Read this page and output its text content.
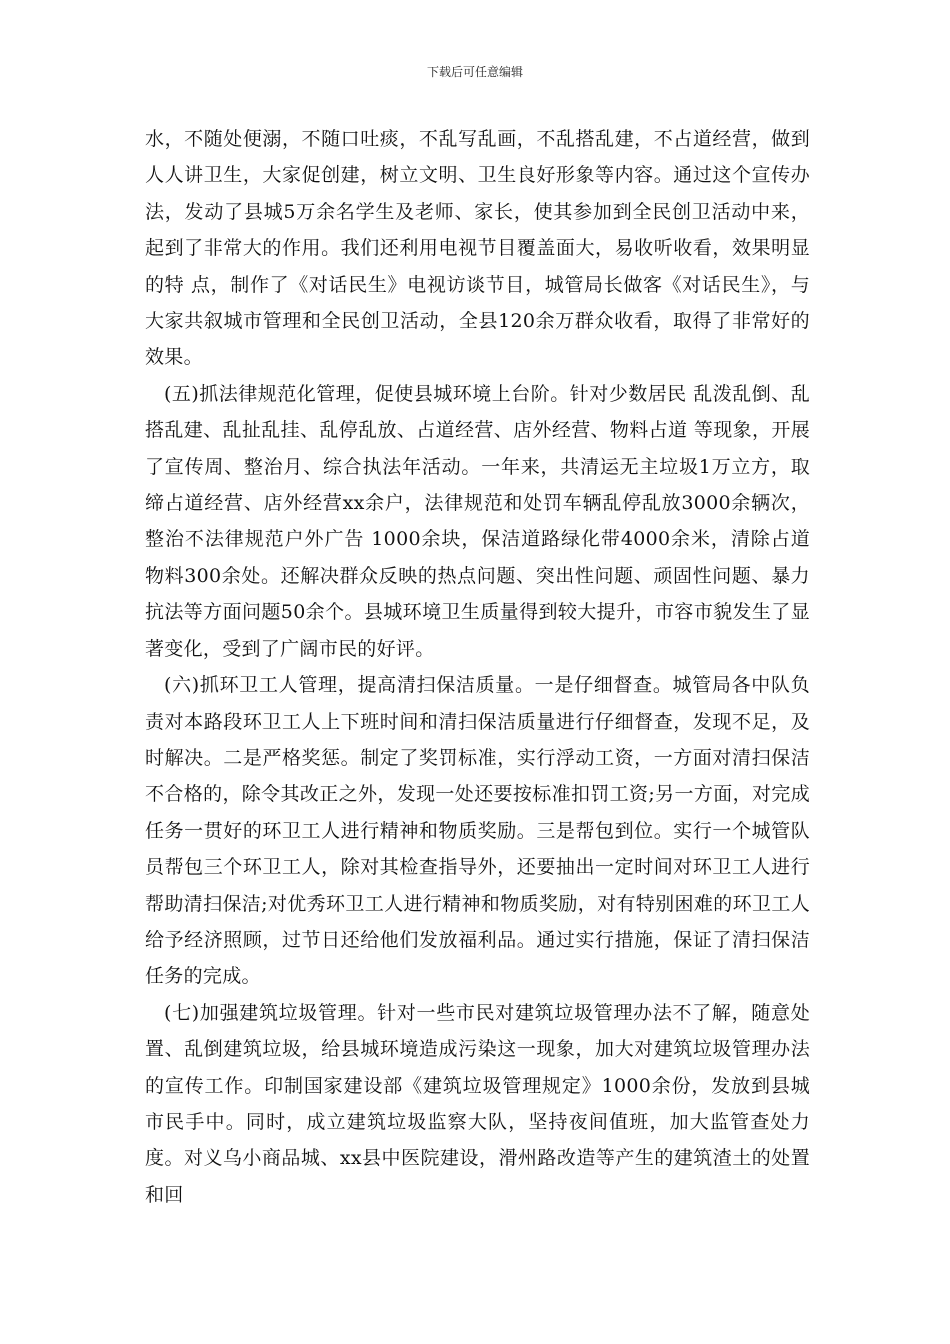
下载后可任意编辑

水，不随处便溺，不随口吐痰，不乱写乱画，不乱搭乱建，不占道经营，做到人人讲卫生，大家促创建，树立文明、卫生良好形象等内容。通过这个宣传办法，发动了县城5万余名学生及老师、家长，使其参加到全民创卫活动中来，起到了非常大的作用。我们还利用电视节目覆盖面大，易收听收看，效果明显的特 点，制作了《对话民生》电视访谈节目，城管局长做客《对话民生》，与大家共叙城市管理和全民创卫活动，全县120余万群众收看，取得了非常好的效果。

(五)抓法律规范化管理，促使县城环境上台阶。针对少数居民 乱泼乱倒、乱搭乱建、乱扯乱挂、乱停乱放、占道经营、店外经营、物料占道 等现象，开展了宣传周、整治月、综合执法年活动。一年来，共清运无主垃圾1万立方，取缔占道经营、店外经营xx余户，法律规范和处罚车辆乱停乱放3000余辆次，整治不法律规范户外广告 1000余块，保洁道路绿化带4000余米，清除占道物料300余处。还解决群众反映的热点问题、突出性问题、顽固性问题、暴力抗法等方面问题50余个。县城环境卫生质量得到较大提升，市容市貌发生了显著变化，受到了广阔市民的好评。

(六)抓环卫工人管理，提高清扫保洁质量。一是仔细督查。城管局各中队负责对本路段环卫工人上下班时间和清扫保洁质量进行仔细督查，发现不足，及时解决。二是严格奖惩。制定了奖罚标准，实行浮动工资，一方面对清扫保洁不合格的，除令其改正之外，发现一处还要按标准扣罚工资;另一方面，对完成任务一贯好的环卫工人进行精神和物质奖励。三是帮包到位。实行一个城管队员帮包三个环卫工人，除对其检查指导外，还要抽出一定时间对环卫工人进行帮助清扫保洁;对优秀环卫工人进行精神和物质奖励，对有特别困难的环卫工人给予经济照顾，过节日还给他们发放福利品。通过实行措施，保证了清扫保洁任务的完成。

(七)加强建筑垃圾管理。针对一些市民对建筑垃圾管理办法不了解，随意处置、乱倒建筑垃圾，给县城环境造成污染这一现象，加大对建筑垃圾管理办法的宣传工作。印制国家建设部《建筑垃圾管理规定》1000余份，发放到县城市民手中。同时，成立建筑垃圾监察大队，坚持夜间值班，加大监管查处力度。对义乌小商品城、xx县中医院建设，滑州路改造等产生的建筑渣土的处置和回
